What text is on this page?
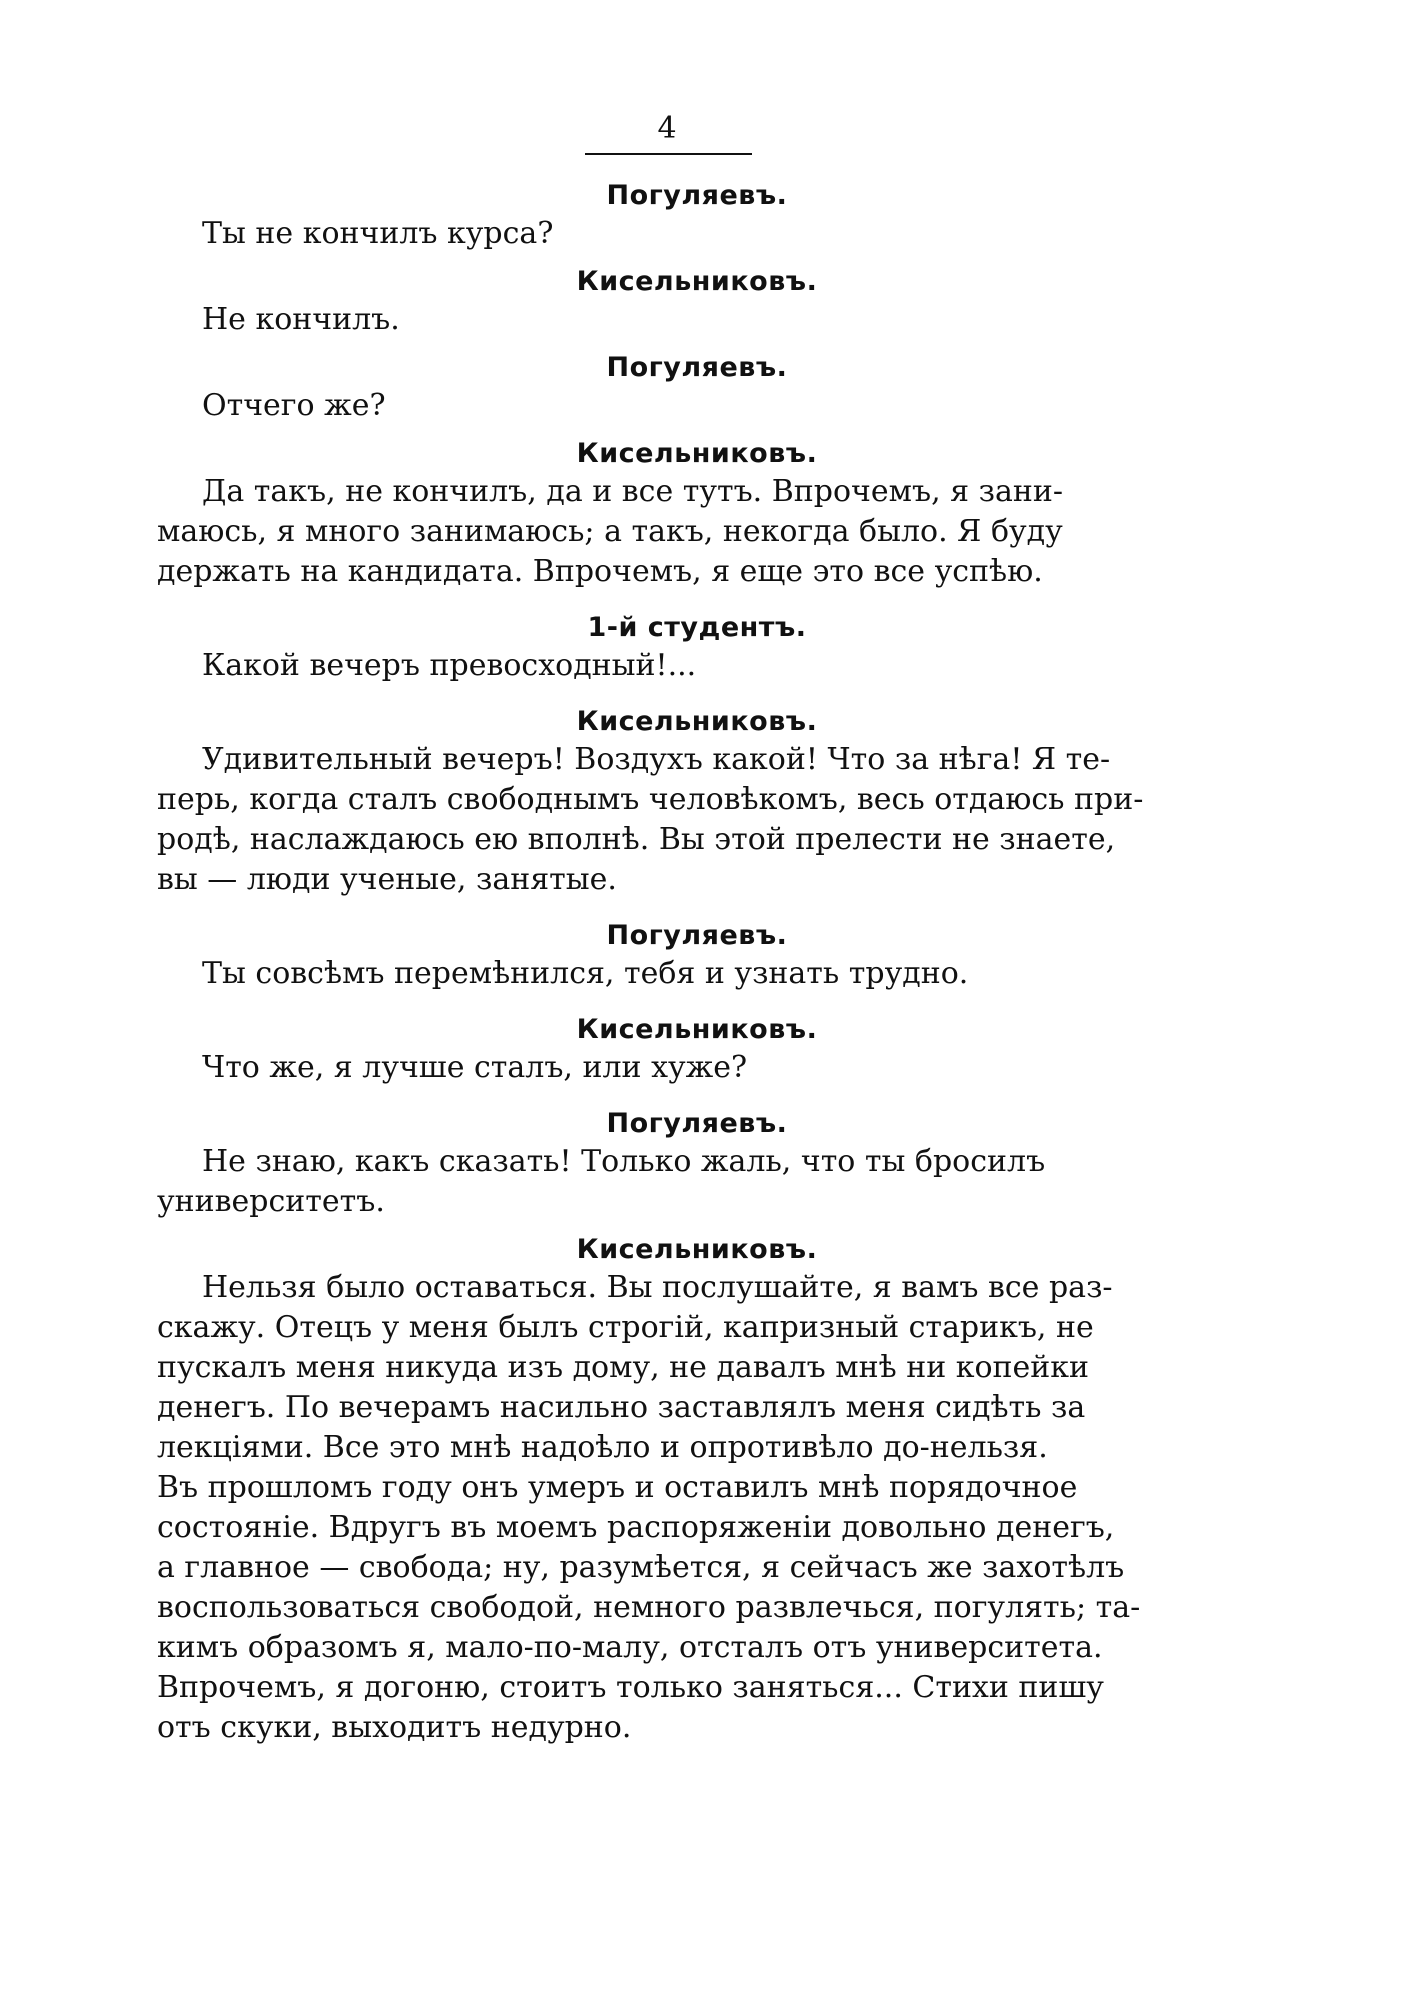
4
Погуляевъ.
Ты не кончилъ курса?
Кисельниковъ.
Не кончилъ.
Погуляевъ.
Отчего же?
Кисельниковъ.
Да такъ, не кончилъ, да и все тутъ. Впрочемъ, я зани-
маюсь, я много занимаюсь; а такъ, некогда было. Я буду
держать на кандидата. Впрочемъ, я еще это все успѣю.
1-й студентъ.
Какой вечеръ превосходный!...
Кисельниковъ.
Удивительный вечеръ! Воздухъ какой! Что за нѣга! Я те-
перь, когда сталъ свободнымъ человѣкомъ, весь отдаюсь при-
родѣ, наслаждаюсь ею вполнѣ. Вы этой прелести не знаете,
вы — люди ученые, занятые.
Погуляевъ.
Ты совсѣмъ перемѣнился, тебя и узнать трудно.
Кисельниковъ.
Что же, я лучше сталъ, или хуже?
Погуляевъ.
Не знаю, какъ сказать! Только жаль, что ты бросилъ
университетъ.
Кисельниковъ.
Нельзя было оставаться. Вы послушайте, я вамъ все раз-
скажу. Отецъ у меня былъ строгій, капризный старикъ, не
пускалъ меня никуда изъ дому, не давалъ мнѣ ни копейки
денегъ. По вечерамъ насильно заставлялъ меня сидѣть за
лекціями. Все это мнѣ надоѣло и опротивѣло до-нельзя.
Въ прошломъ году онъ умеръ и оставилъ мнѣ порядочное
состояніе. Вдругъ въ моемъ распоряженіи довольно денегъ,
а главное — свобода; ну, разумѣется, я сейчасъ же захотѣлъ
воспользоваться свободой, немного развлечься, погулять; та-
кимъ образомъ я, мало-по-малу, отсталъ отъ университета.
Впрочемъ, я догоню, стоитъ только заняться... Стихи пишу
отъ скуки, выходитъ недурно.
